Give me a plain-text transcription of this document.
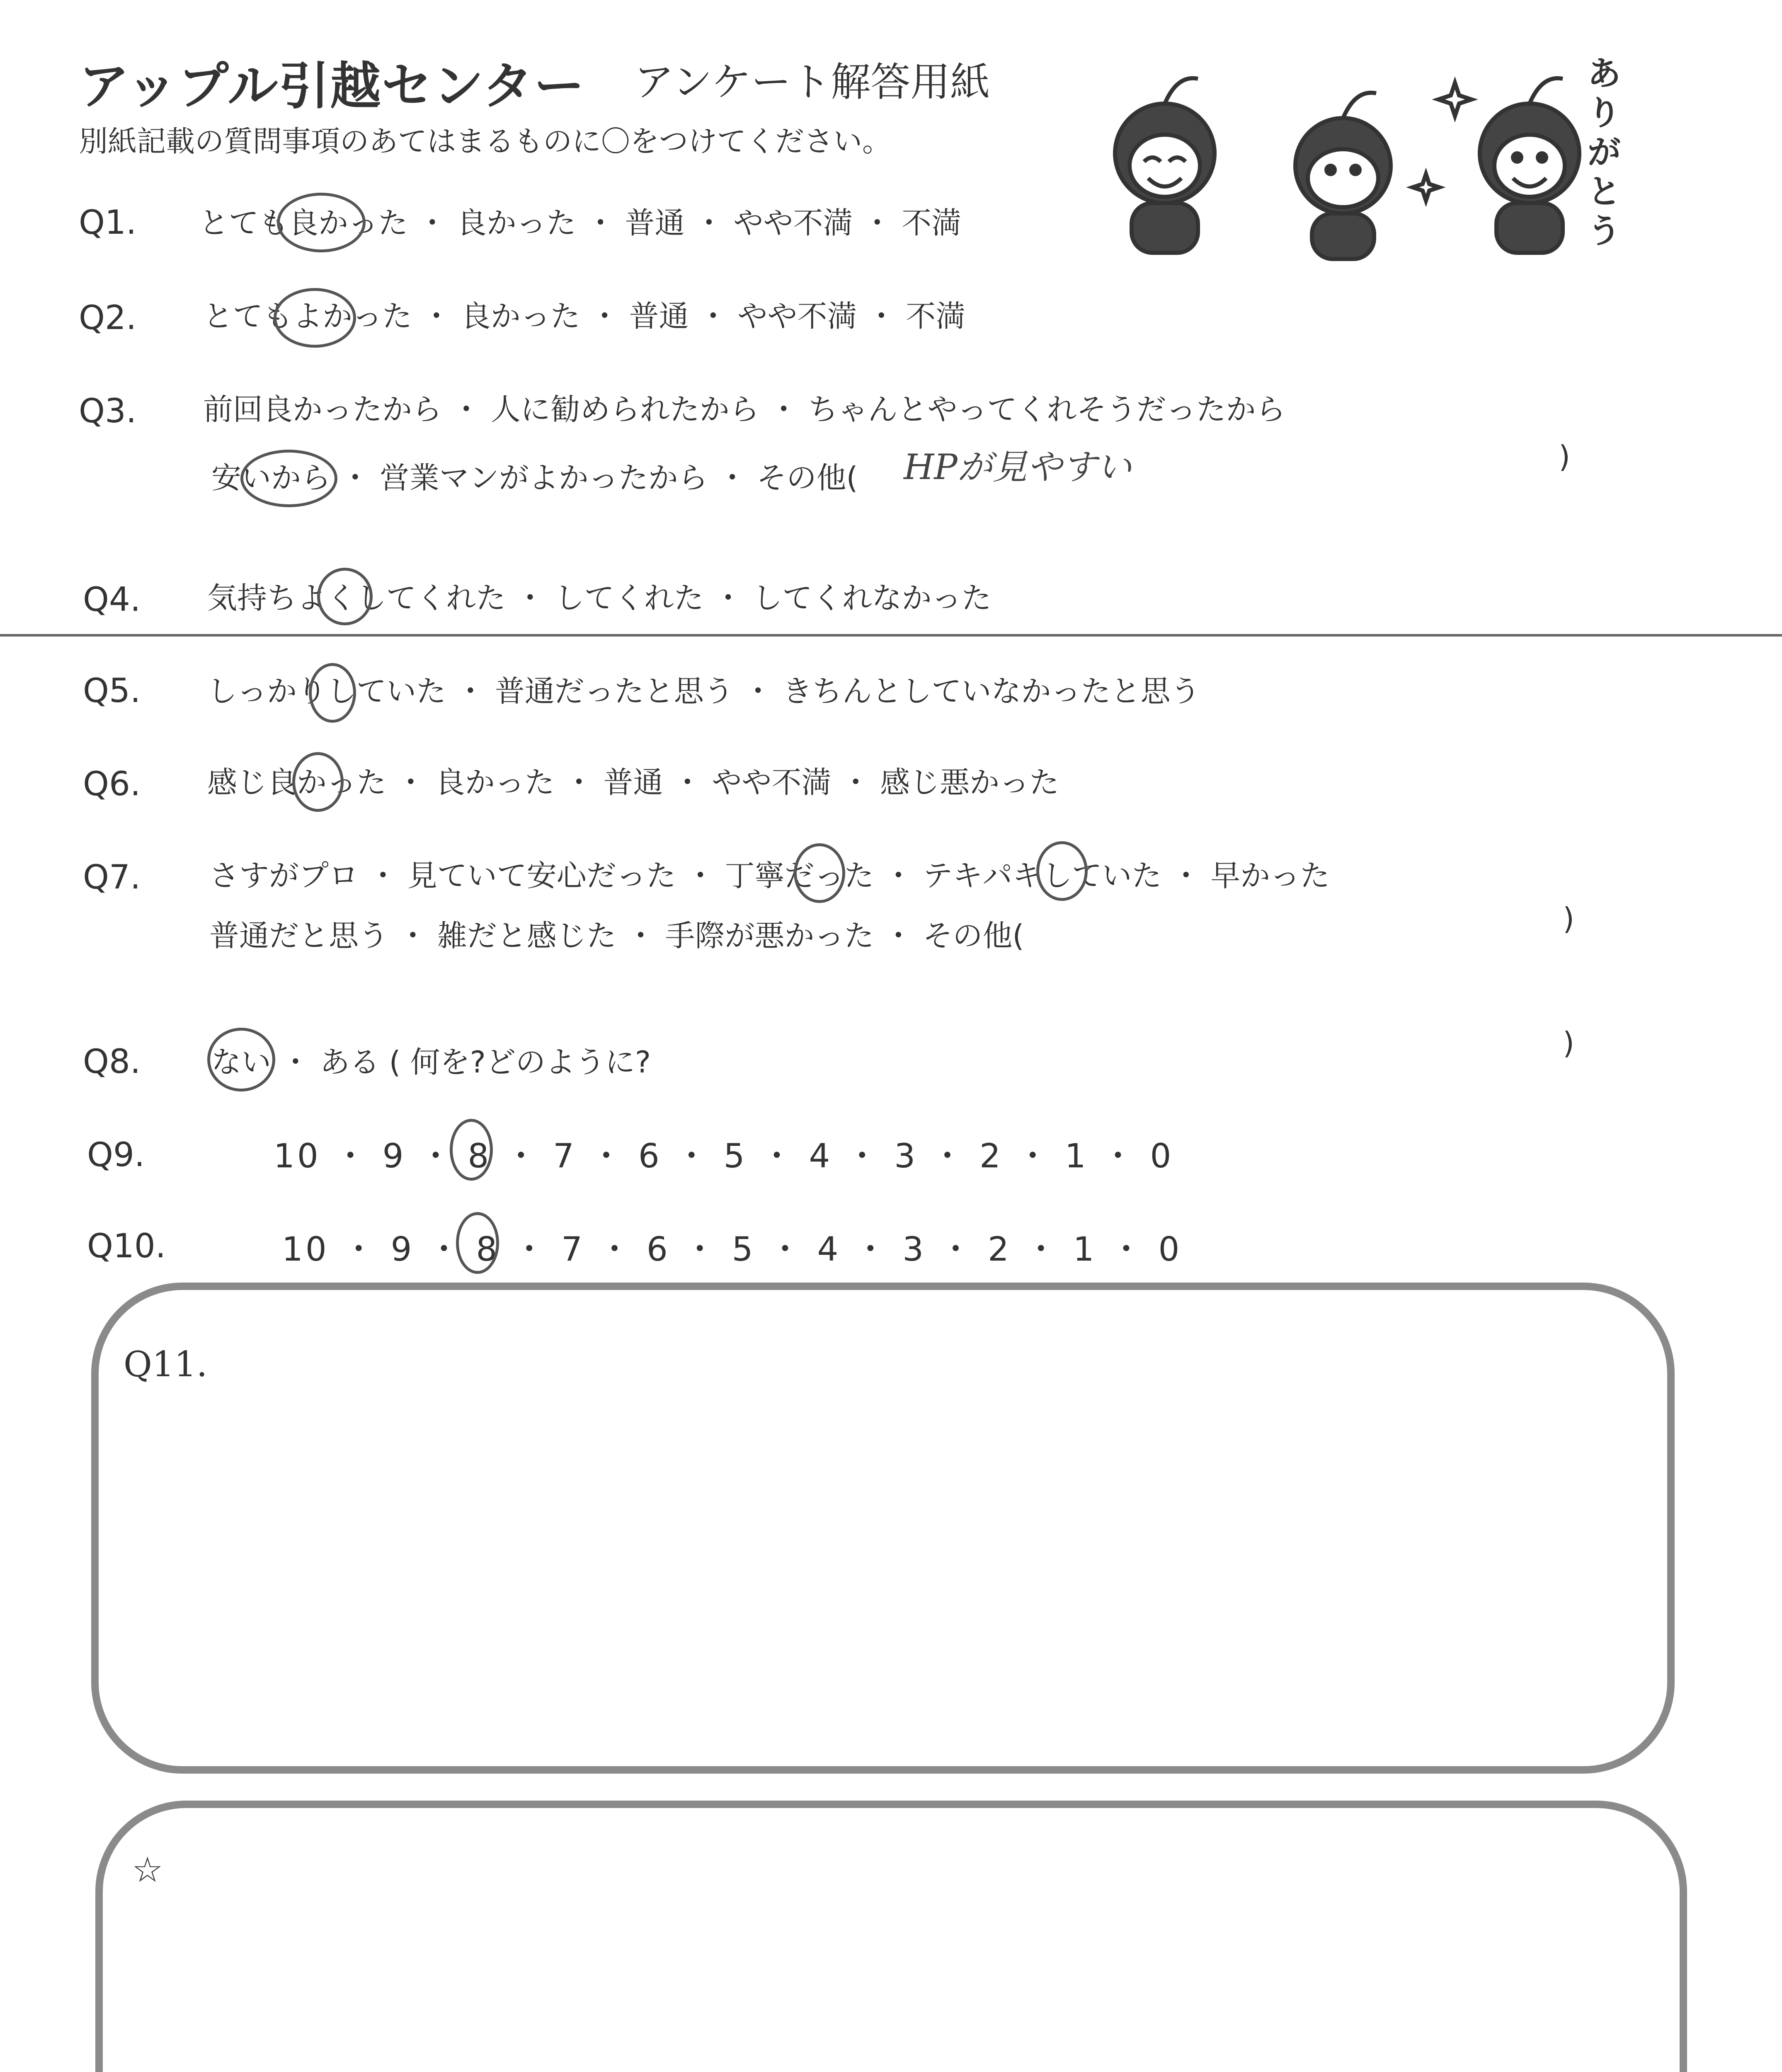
アップル引越センター アンケート解答用紙
別紙記載の質問事項のあてはまるものに〇をつけてください。
ありがとう
Q1. とても良かった ・ 良かった ・ 普通 ・ やや不満 ・ 不満
Q2. とてもよかった ・ 良かった ・ 普通 ・ やや不満 ・ 不満
Q3. 前回良かったから ・ 人に勧められたから ・ ちゃんとやってくれそうだったから
安いから ・ 営業マンがよかったから ・ その他( HPが見やすい	)
Q4. 気持ちよくしてくれた ・ してくれた ・ してくれなかった
Q5. しっかりしていた ・ 普通だったと思う ・ きちんとしていなかったと思う
Q6. 感じ良かった ・ 良かった ・ 普通 ・ やや不満 ・ 感じ悪かった
Q7. さすがプロ ・ 見ていて安心だった ・ 丁寧だった ・ テキパキしていた ・ 早かった
普通だと思う ・ 雑だと感じた ・ 手際が悪かった ・ その他(	)
Q8. ない ・ ある ( 何を?どのように?
)
Q9.	10 ・ 9 ・ 8 ・ 7 ・ 6 ・ 5 ・ 4 ・ 3 ・ 2 ・ 1 ・ 0
Q10.	10 ・ 9 ・ 8 ・ 7 ・ 6 ・ 5 ・ 4 ・ 3 ・ 2 ・ 1 ・ 0
Q11.
☆
